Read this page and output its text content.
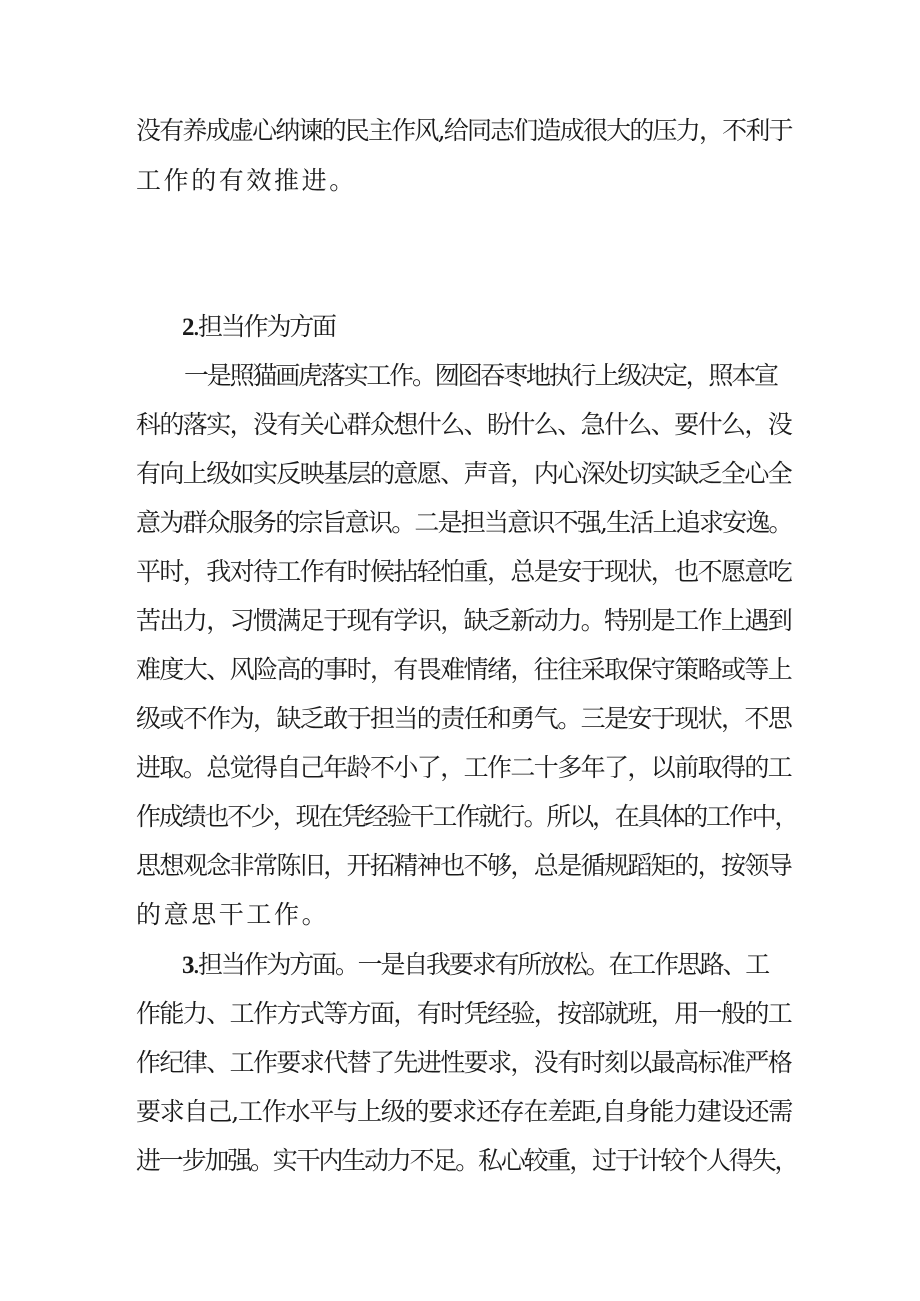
没有养成虚心纳谏的民主作风,给同志们造成很大的压力，不利于
工作的有效推进。
2.担当作为方面
一是照猫画虎落实工作。囫囵吞枣地执行上级决定，照本宣
科的落实，没有关心群众想什么、盼什么、急什么、要什么，没
有向上级如实反映基层的意愿、声音，内心深处切实缺乏全心全
意为群众服务的宗旨意识。二是担当意识不强,生活上追求安逸。
平时，我对待工作有时候拈轻怕重，总是安于现状，也不愿意吃
苦出力，习惯满足于现有学识，缺乏新动力。特别是工作上遇到
难度大、风险高的事时，有畏难情绪，往往采取保守策略或等上
级或不作为，缺乏敢于担当的责任和勇气。三是安于现状，不思
进取。总觉得自己年龄不小了，工作二十多年了，以前取得的工
作成绩也不少，现在凭经验干工作就行。所以，在具体的工作中，
思想观念非常陈旧，开拓精神也不够，总是循规蹈矩的，按领导
的意思干工作。
3.担当作为方面。一是自我要求有所放松。在工作思路、工
作能力、工作方式等方面，有时凭经验，按部就班，用一般的工
作纪律、工作要求代替了先进性要求，没有时刻以最高标准严格
要求自己,工作水平与上级的要求还存在差距,自身能力建设还需
进一步加强。实干内生动力不足。私心较重，过于计较个人得失，
